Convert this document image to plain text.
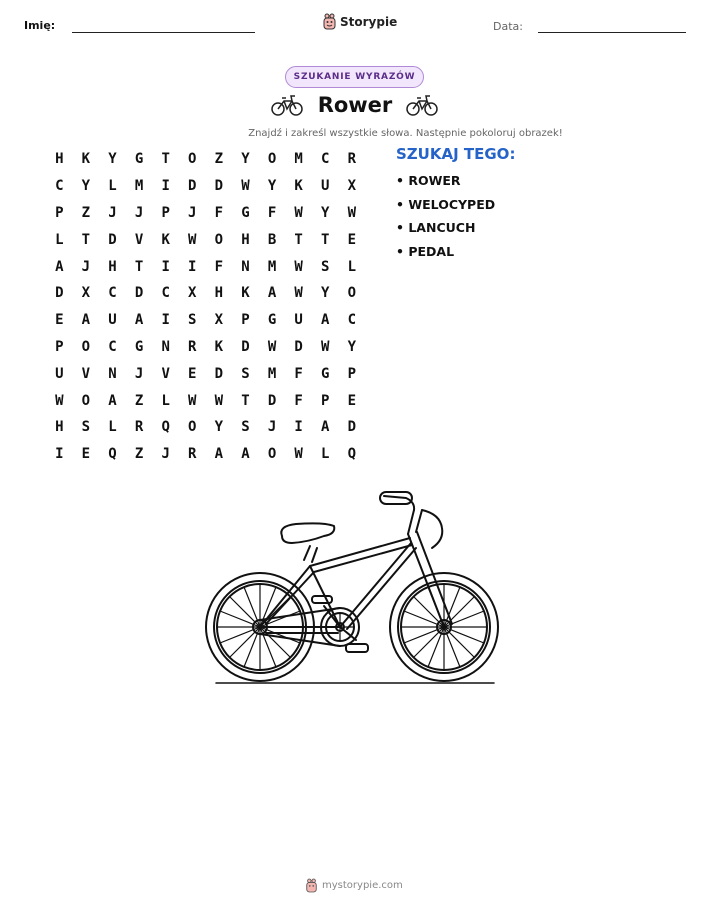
Imię:	Storypie	Data:
SZUKANIE WYRAZÓW
Rower
Znajdź i zakreśl wszystkie słowa. Następnie pokoloruj obrazek!
H	K	Y	G	T	O	Z	Y	O	M	C	R
C	Y	L	M	I	D	D	W	Y	K	U	X
P	Z	J	J	P	J	F	G	F	W	Y	W
L	T	D	V	K	W	O	H	B	T	T	E
A	J	H	T	I	I	F	N	M	W	S	L
D	X	C	D	C	X	H	K	A	W	Y	O
E	A	U	A	I	S	X	P	G	U	A	C
P	O	C	G	N	R	K	D	W	D	W	Y
U	V	N	J	V	E	D	S	M	F	G	P
W	O	A	Z	L	W	W	T	D	F	P	E
H	S	L	R	Q	O	Y	S	J	I	A	D
I	E	Q	Z	J	R	A	A	O	W	L	Q
SZUKAJ TEGO:
• ROWER
• WELOCYPED
• LANCUCH
• PEDAL
mystorypie.com
